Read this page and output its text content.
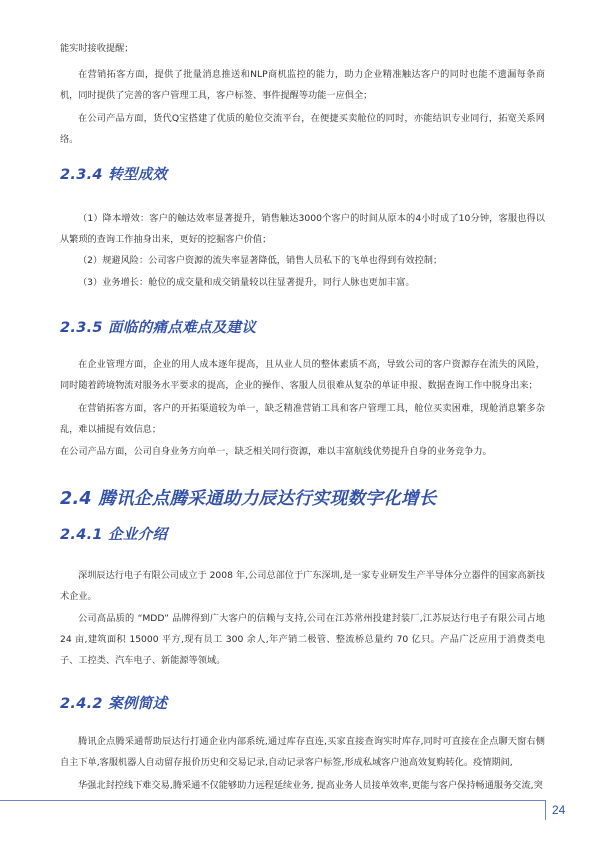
能实时接收提醒；

在营销拓客方面，提供了批量消息推送和NLP商机监控的能力，助力企业精准触达客户的同时也能不遗漏每条商机，同时提供了完善的客户管理工具，客户标签、事件提醒等功能一应俱全；

在公司产品方面，货代Q宝搭建了优质的舱位交流平台，在便捷买卖舱位的同时，亦能结识专业同行，拓宽关系网络。

2.3.4 转型成效

（1）降本增效：客户的触达效率显著提升，销售触达3000个客户的时间从原本的4小时成了10分钟，客服也得以从繁琐的查询工作抽身出来，更好的挖掘客户价值；

（2）规避风险：公司客户资源的流失率显著降低，销售人员私下的飞单也得到有效控制；

（3）业务增长：舱位的成交量和成交销量较以往显著提升，同行人脉也更加丰富。

2.3.5 面临的痛点难点及建议

在企业管理方面，企业的用人成本逐年提高，且从业人员的整体素质不高，导致公司的客户资源存在流失的风险，同时随着跨境物流对服务水平要求的提高，企业的操作、客服人员很难从复杂的单证申报、数据查询工作中脱身出来；

在营销拓客方面，客户的开拓渠道较为单一，缺乏精准营销工具和客户管理工具，舱位买卖困难，现舱消息繁多杂乱，难以捕捉有效信息；

在公司产品方面，公司自身业务方向单一，缺乏相关同行资源，难以丰富航线优势提升自身的业务竞争力。

2.4 腾讯企点腾采通助力辰达行实现数字化增长
2.4.1 企业介绍

深圳辰达行电子有限公司成立于 2008 年,公司总部位于广东深圳,是一家专业研发生产半导体分立器件的国家高新技术企业。

公司高品质的 “MDD” 品牌得到广大客户的信赖与支持,公司在江苏常州投建封装厂,江苏辰达行电子有限公司占地 24 亩,建筑面积 15000 平方,现有员工 300 余人,年产销二极管、整流桥总量约 70 亿只。产品广泛应用于消费类电子、工控类、汽车电子、新能源等领域。

2.4.2 案例简述

腾讯企点腾采通帮助辰达行打通企业内部系统,通过库存直连,买家直接查询实时库存,同时可直接在企点聊天窗右侧自主下单,客服机器人自动留存报价历史和交易记录,自动记录客户标签,形成私域客户池高效复购转化。疫情期间,

华强北封控线下难交易,腾采通不仅能够助力远程延续业务, 提高业务人员接单效率,更能与客户保持畅通服务交流,突

24
